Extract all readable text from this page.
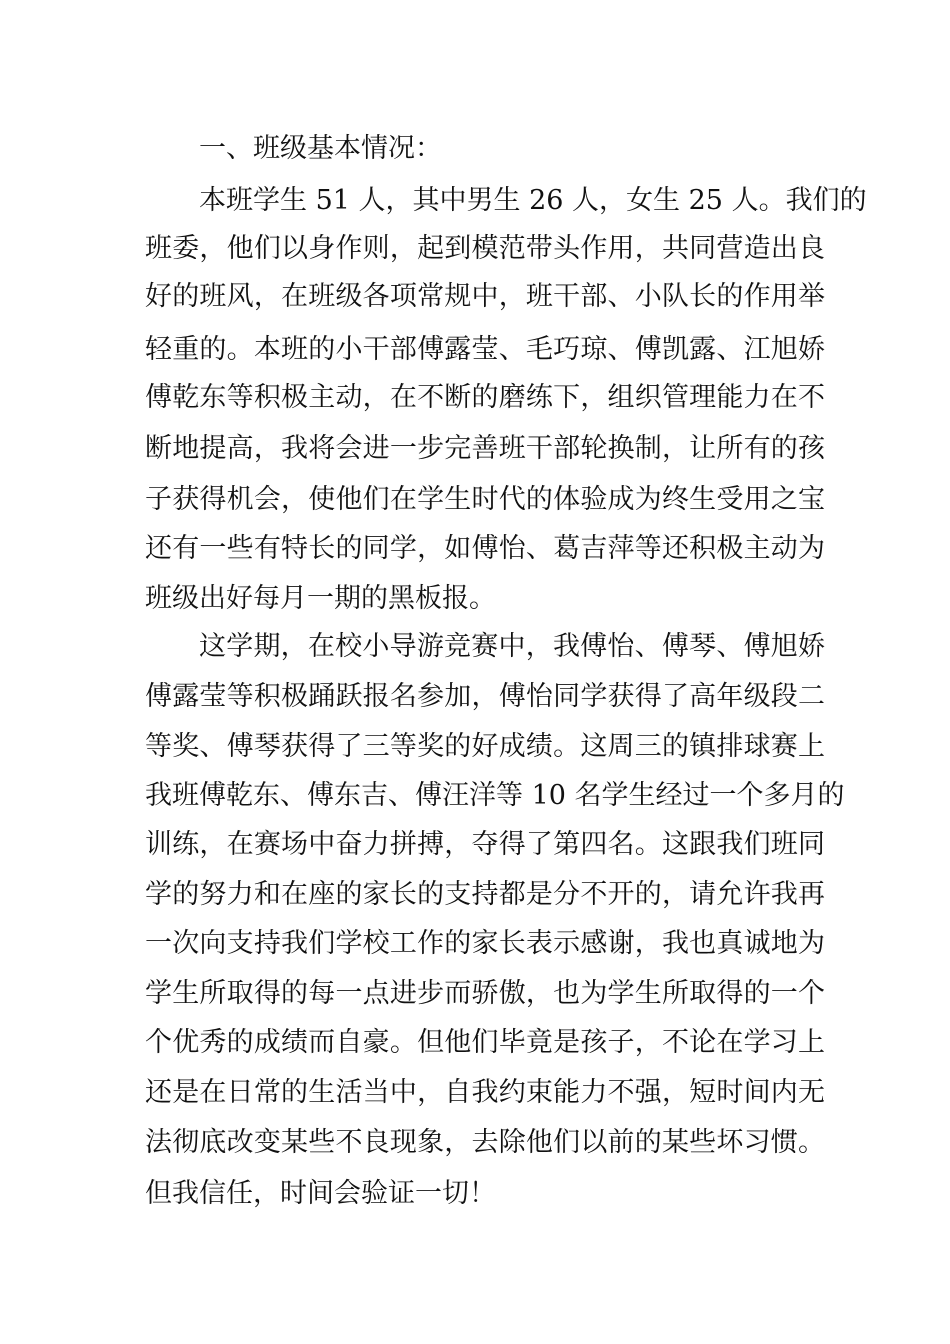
一、班级基本情况：
本班学生 51 人，其中男生 26 人，女生 25 人。我们的
班委，他们以身作则，起到模范带头作用，共同营造出良
好的班风，在班级各项常规中，班干部、小队长的作用举
轻重的。本班的小干部傅露莹、毛巧琼、傅凯露、江旭娇
傅乾东等积极主动，在不断的磨练下，组织管理能力在不
断地提高，我将会进一步完善班干部轮换制，让所有的孩
子获得机会，使他们在学生时代的体验成为终生受用之宝
还有一些有特长的同学，如傅怡、葛吉萍等还积极主动为
班级出好每月一期的黑板报。
这学期，在校小导游竞赛中，我傅怡、傅琴、傅旭娇
傅露莹等积极踊跃报名参加，傅怡同学获得了高年级段二
等奖、傅琴获得了三等奖的好成绩。这周三的镇排球赛上
我班傅乾东、傅东吉、傅汪洋等 10 名学生经过一个多月的
训练，在赛场中奋力拼搏，夺得了第四名。这跟我们班同
学的努力和在座的家长的支持都是分不开的，请允许我再
一次向支持我们学校工作的家长表示感谢，我也真诚地为
学生所取得的每一点进步而骄傲，也为学生所取得的一个
个优秀的成绩而自豪。但他们毕竟是孩子，不论在学习上
还是在日常的生活当中，自我约束能力不强，短时间内无
法彻底改变某些不良现象，去除他们以前的某些坏习惯。
但我信任，时间会验证一切！
